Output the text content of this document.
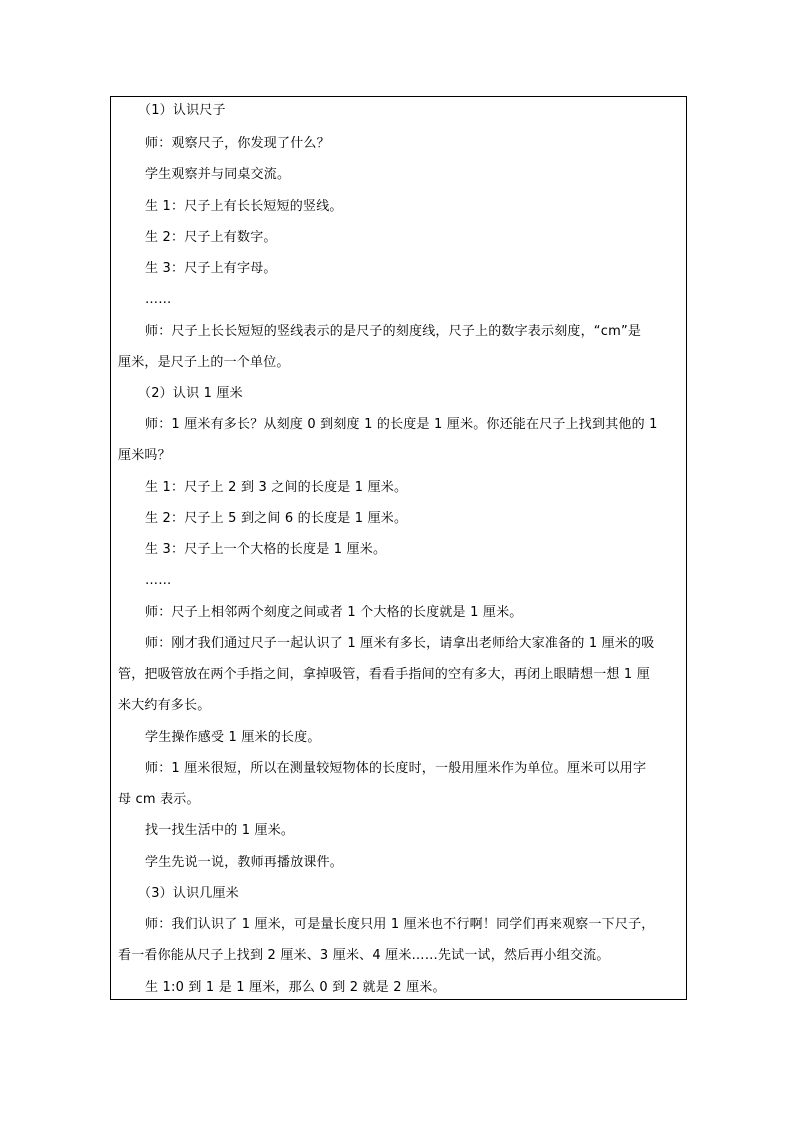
（1）认识尺子
师：观察尺子，你发现了什么？
学生观察并与同桌交流。
生 1：尺子上有长长短短的竖线。
生 2：尺子上有数字。
生 3：尺子上有字母。
……
师：尺子上长长短短的竖线表示的是尺子的刻度线，尺子上的数字表示刻度，“cm”是
厘米，是尺子上的一个单位。
（2）认识 1 厘米
师：1 厘米有多长？从刻度 0 到刻度 1 的长度是 1 厘米。你还能在尺子上找到其他的 1
厘米吗？
生 1：尺子上 2 到 3 之间的长度是 1 厘米。
生 2：尺子上 5 到之间 6 的长度是 1 厘米。
生 3：尺子上一个大格的长度是 1 厘米。
……
师：尺子上相邻两个刻度之间或者 1 个大格的长度就是 1 厘米。
师：刚才我们通过尺子一起认识了 1 厘米有多长，请拿出老师给大家准备的 1 厘米的吸
管，把吸管放在两个手指之间，拿掉吸管，看看手指间的空有多大，再闭上眼睛想一想 1 厘
米大约有多长。
学生操作感受 1 厘米的长度。
师：1 厘米很短，所以在测量较短物体的长度时，一般用厘米作为单位。厘米可以用字
母 cm 表示。
找一找生活中的 1 厘米。
学生先说一说，教师再播放课件。
（3）认识几厘米
师：我们认识了 1 厘米，可是量长度只用 1 厘米也不行啊！同学们再来观察一下尺子，
看一看你能从尺子上找到 2 厘米、3 厘米、4 厘米……先试一试，然后再小组交流。
生 1:0 到 1 是 1 厘米，那么 0 到 2 就是 2 厘米。
